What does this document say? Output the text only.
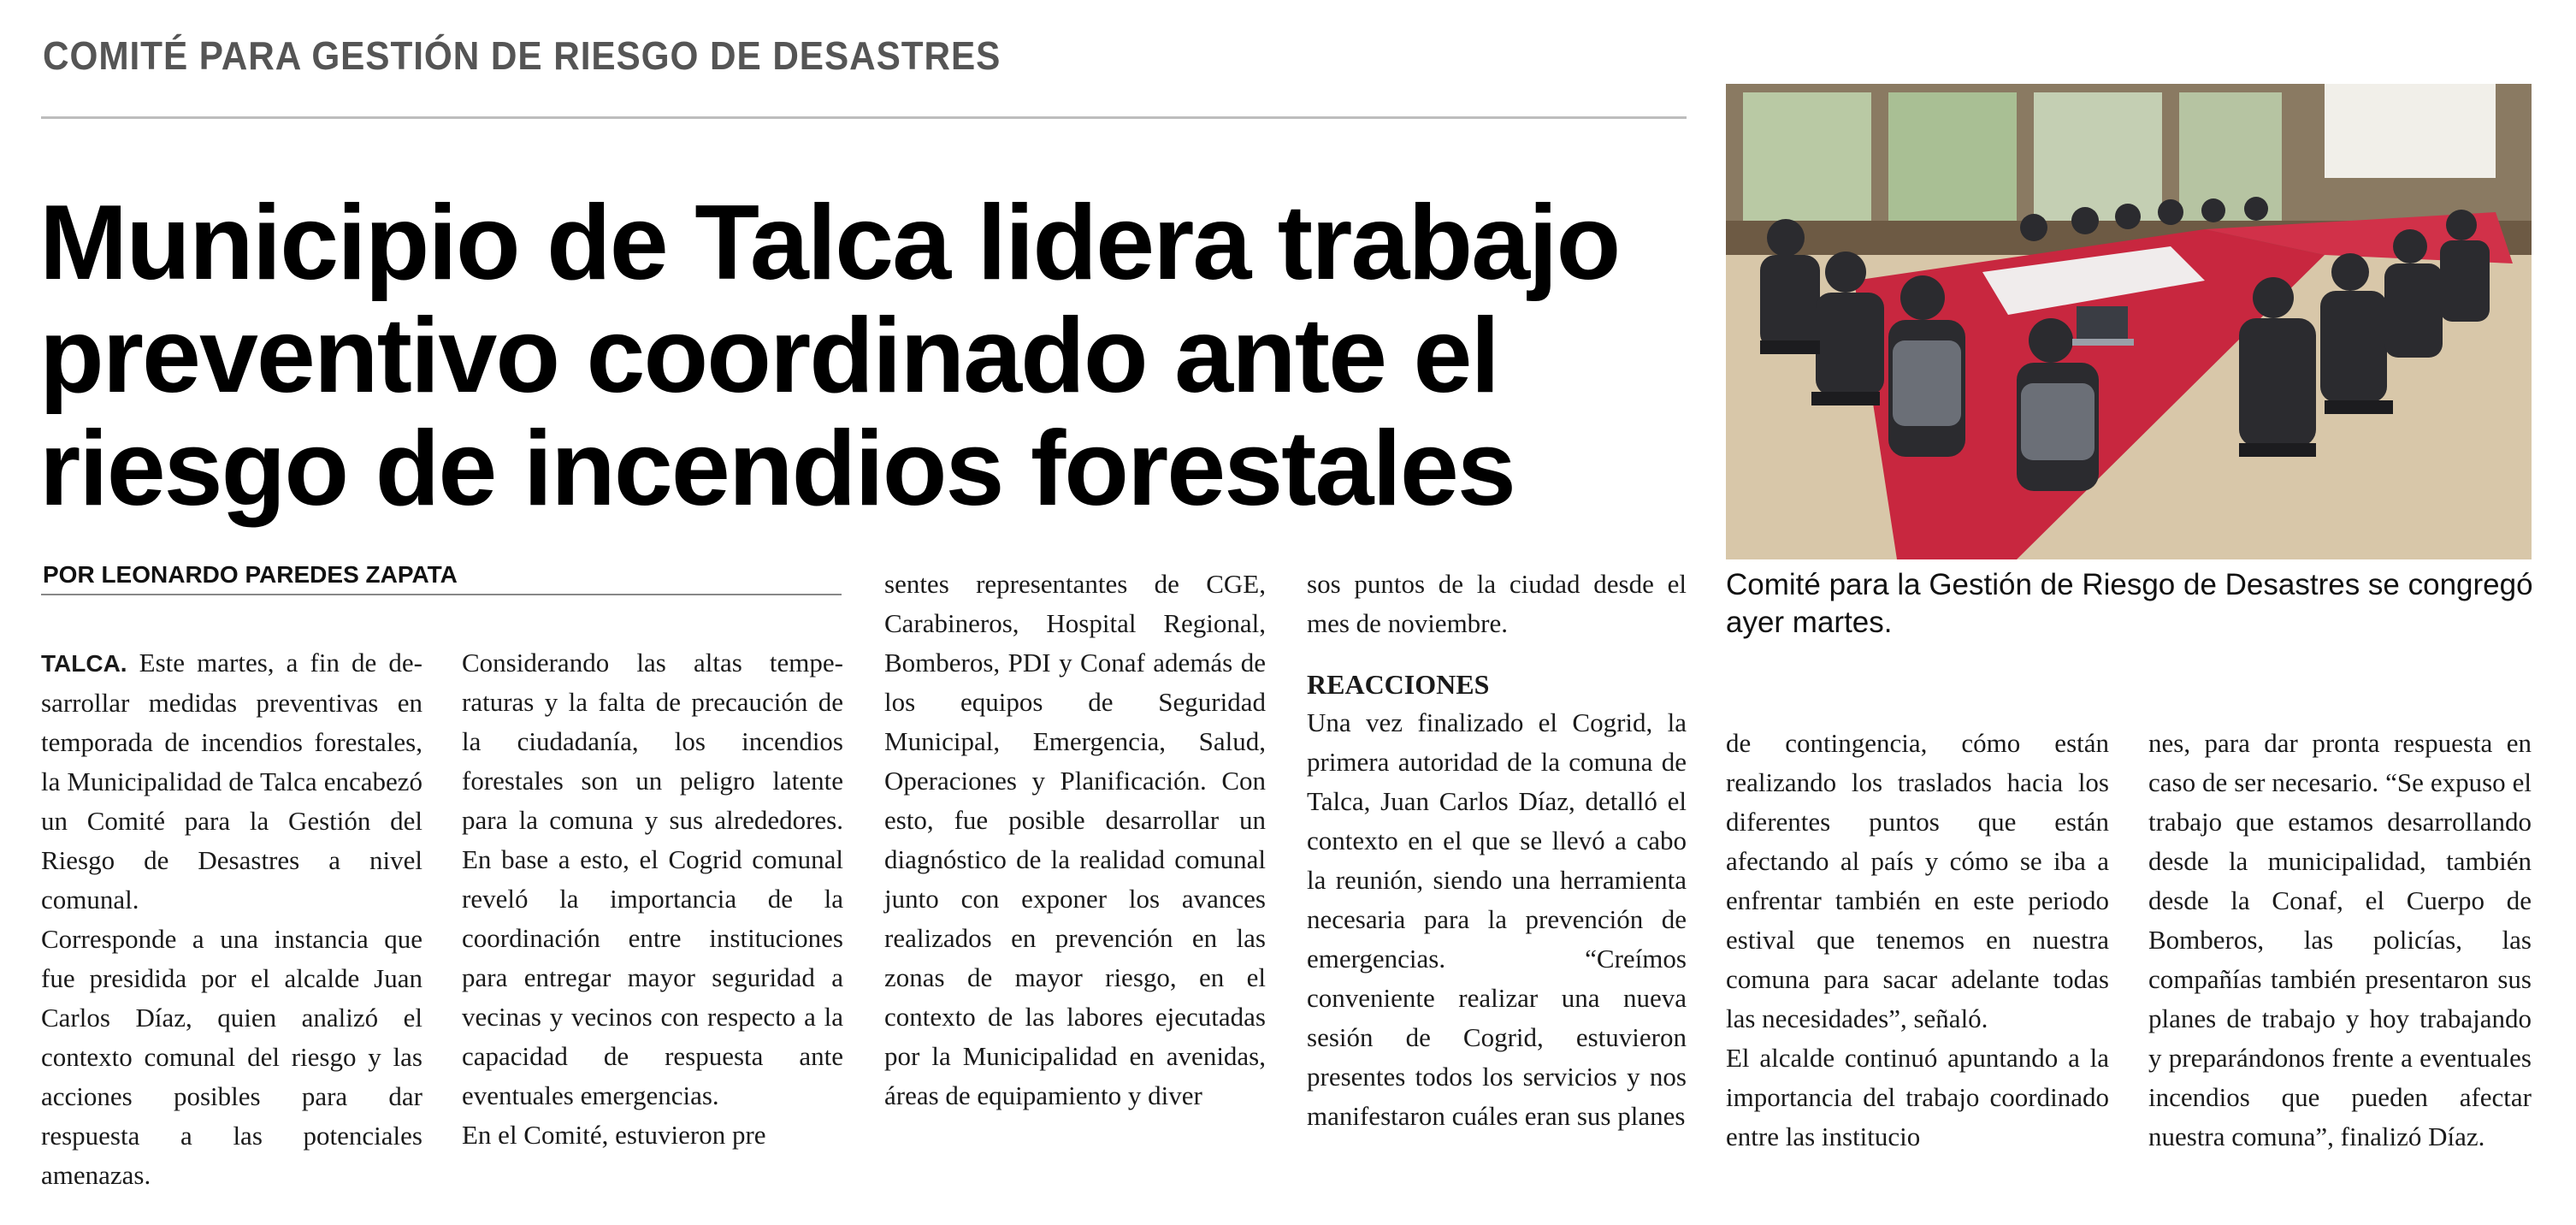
COMITÉ PARA GESTIÓN DE RIESGO DE DESASTRES
Municipio de Talca lidera trabajo
preventivo coordinado ante el
riesgo de incendios forestales
POR LEONARDO PAREDES ZAPATA

TALCA. Este martes, a fin de desarrollar medidas preventivas en temporada de incendios forestales, la Municipalidad de Talca encabezó un Comité para la Gestión del Riesgo de Desastres a nivel comunal.

Corresponde a una instancia que fue presidida por el alcalde Juan Carlos Díaz, quien analizó el contexto comunal del riesgo y las acciones posibles para dar respuesta a las potenciales amenazas.

Considerando las altas temperaturas y la falta de precaución de la ciudadanía, los incendios forestales son un peligro latente para la comuna y sus alrededores. En base a esto, el Cogrid comunal reveló la importancia de la coordinación entre instituciones para entregar mayor seguridad a vecinas y vecinos con respecto a la capacidad de respuesta ante eventuales emergencias.

En el Comité, estuvieron pre

sentes representantes de CGE, Carabineros, Hospital Regional, Bomberos, PDI y Conaf además de los equipos de Seguridad Municipal, Emergencia, Salud, Operaciones y Planificación. Con esto, fue posible desarrollar un diagnóstico de la realidad comunal junto con exponer los avances realizados en prevención en las zonas de mayor riesgo, en el contexto de las labores ejecutadas por la Municipalidad en avenidas, áreas de equipamiento y diver

sos puntos de la ciudad desde el mes de noviembre.

REACCIONES

Una vez finalizado el Cogrid, la primera autoridad de la comuna de Talca, Juan Carlos Díaz, detalló el contexto en el que se llevó a cabo la reunión, siendo una herramienta necesaria para la prevención de emergencias. “Creímos conveniente realizar una nueva sesión de Cogrid, estuvieron presentes todos los servicios y nos manifestaron cuáles eran sus planes

de contingencia, cómo están realizando los traslados hacia los diferentes puntos que están afectando al país y cómo se iba a enfrentar también en este periodo estival que tenemos en nuestra comuna para sacar adelante todas las necesidades”, señaló.

El alcalde continuó apuntando a la importancia del trabajo coordinado entre las institucio

nes, para dar pronta respuesta en caso de ser necesario. “Se expuso el trabajo que estamos desarrollando desde la municipalidad, también desde la Conaf, el Cuerpo de Bomberos, las policías, las compañías también presentaron sus planes de trabajo y hoy trabajando y preparándonos frente a eventuales incendios que pueden afectar nuestra comuna”, finalizó Díaz.

Comité para la Gestión de Riesgo de Desastres se congregó ayer martes.
